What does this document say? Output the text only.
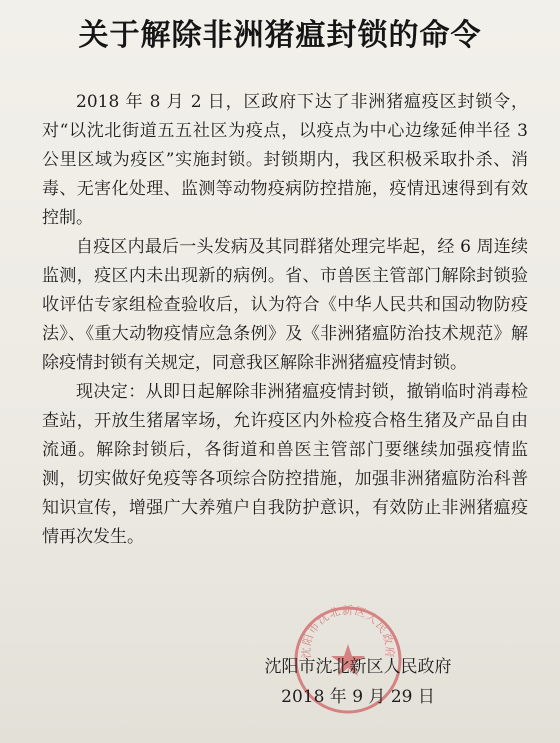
关于解除非洲猪瘟封锁的命令

2018 年 8 月 2 日，区政府下达了非洲猪瘟疫区封锁令，对“以沈北街道五五社区为疫点，以疫点为中心边缘延伸半径 3 公里区域为疫区”实施封锁。封锁期内，我区积极采取扑杀、消毒、无害化处理、监测等动物疫病防控措施，疫情迅速得到有效控制。

自疫区内最后一头发病及其同群猪处理完毕起，经 6 周连续监测，疫区内未出现新的病例。省、市兽医主管部门解除封锁验收评估专家组检查验收后，认为符合《中华人民共和国动物防疫法》、《重大动物疫情应急条例》及《非洲猪瘟防治技术规范》解除疫情封锁有关规定，同意我区解除非洲猪瘟疫情封锁。

现决定：从即日起解除非洲猪瘟疫情封锁，撤销临时消毒检查站，开放生猪屠宰场，允许疫区内外检疫合格生猪及产品自由流通。解除封锁后，各街道和兽医主管部门要继续加强疫情监测，切实做好免疫等各项综合防控措施，加强非洲猪瘟防治科普知识宣传，增强广大养殖户自我防护意识，有效防止非洲猪瘟疫情再次发生。

沈阳市沈北新区人民政府
沈阳市沈北新区人民政府
2018 年 9 月 29 日
